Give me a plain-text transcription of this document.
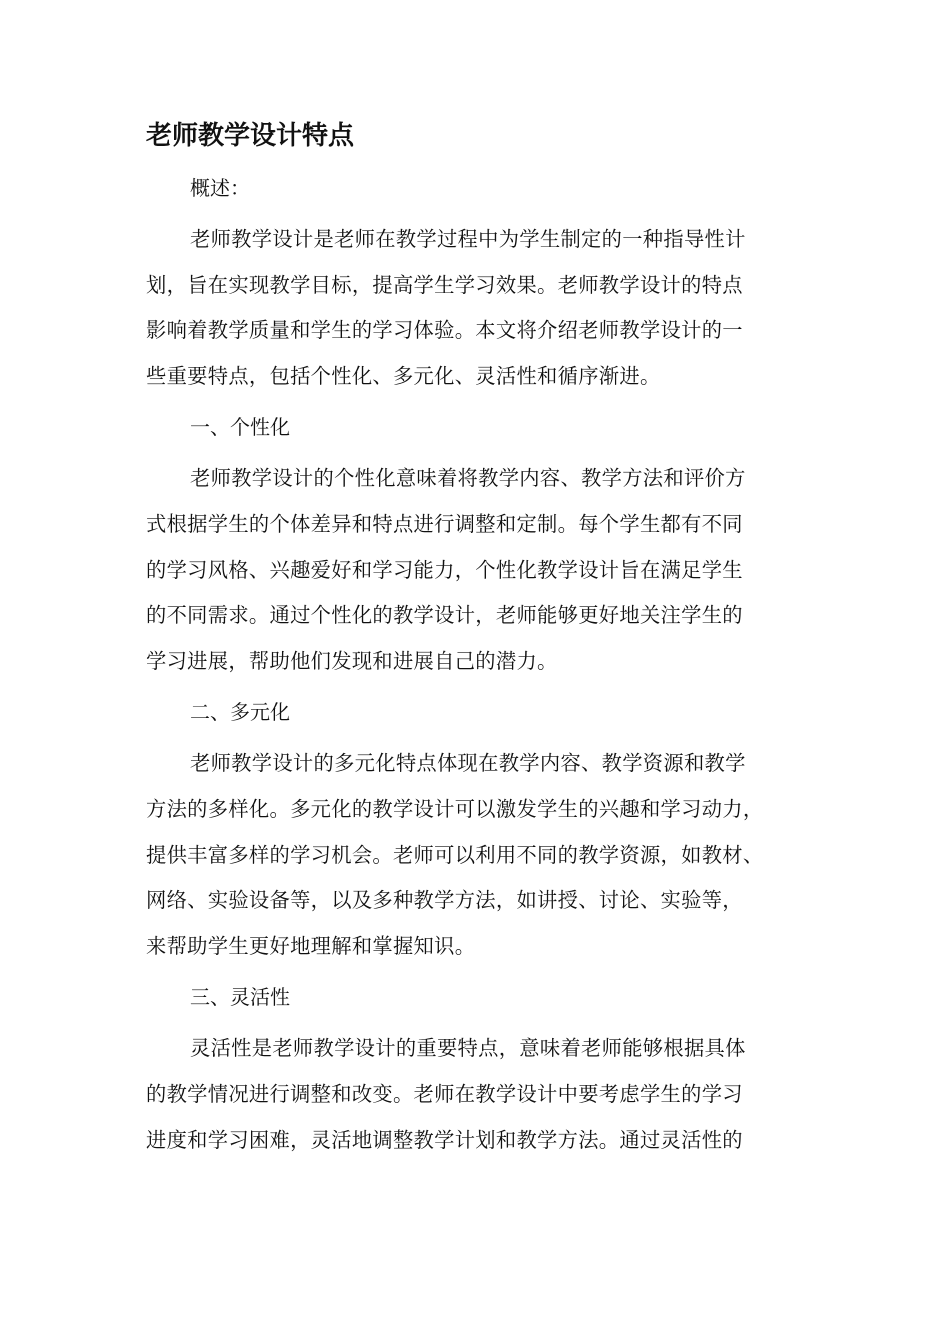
老师教学设计特点
概述：
老师教学设计是老师在教学过程中为学生制定的一种指导性计
划，旨在实现教学目标，提高学生学习效果。老师教学设计的特点
影响着教学质量和学生的学习体验。本文将介绍老师教学设计的一
些重要特点，包括个性化、多元化、灵活性和循序渐进。
一、个性化
老师教学设计的个性化意味着将教学内容、教学方法和评价方
式根据学生的个体差异和特点进行调整和定制。每个学生都有不同
的学习风格、兴趣爱好和学习能力，个性化教学设计旨在满足学生
的不同需求。通过个性化的教学设计，老师能够更好地关注学生的
学习进展，帮助他们发现和进展自己的潜力。
二、多元化
老师教学设计的多元化特点体现在教学内容、教学资源和教学
方法的多样化。多元化的教学设计可以激发学生的兴趣和学习动力，
提供丰富多样的学习机会。老师可以利用不同的教学资源，如教材、
网络、实验设备等，以及多种教学方法，如讲授、讨论、实验等，
来帮助学生更好地理解和掌握知识。
三、灵活性
灵活性是老师教学设计的重要特点，意味着老师能够根据具体
的教学情况进行调整和改变。老师在教学设计中要考虑学生的学习
进度和学习困难，灵活地调整教学计划和教学方法。通过灵活性的
